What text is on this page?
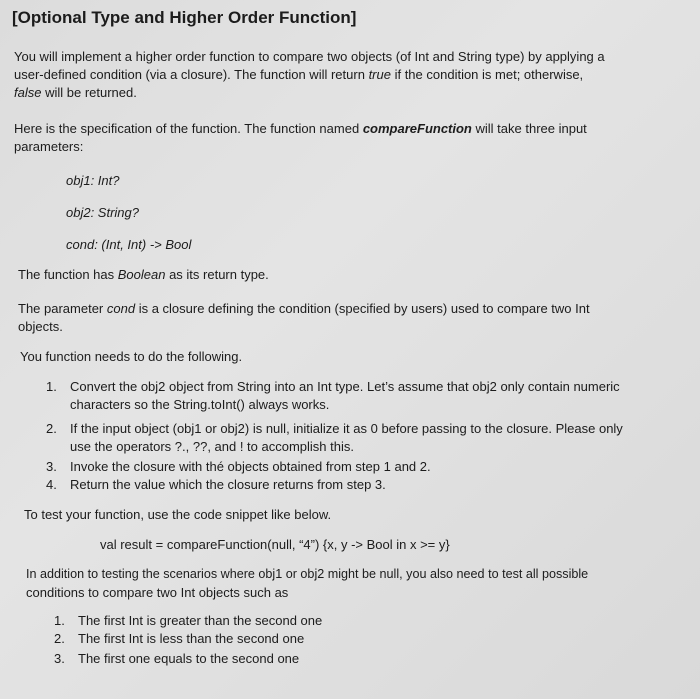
[Optional Type and Higher Order Function]
You will implement a higher order function to compare two objects (of Int and String type) by applying a
user-defined condition (via a closure). The function will return true if the condition is met; otherwise,
false will be returned.
Here is the specification of the function. The function named compareFunction will take three input
parameters:
obj1: Int?
obj2: String?
cond: (Int, Int) -> Bool
The function has Boolean as its return type.
The parameter cond is a closure defining the condition (specified by users) used to compare two Int
objects.
You function needs to do the following.
1. Convert the obj2 object from String into an Int type. Let’s assume that obj2 only contain numeric
characters so the String.toInt() always works.
2. If the input object (obj1 or obj2) is null, initialize it as 0 before passing to the closure. Please only
use the operators ?., ??, and ! to accomplish this.
3. Invoke the closure with thé objects obtained from step 1 and 2.
4. Return the value which the closure returns from step 3.
To test your function, use the code snippet like below.
val result = compareFunction(null, “4”) {x, y -> Bool in x >= y}
In addition to testing the scenarios where obj1 or obj2 might be null, you also need to test all possible
conditions to compare two Int objects such as
1. The first Int is greater than the second one
2. The first Int is less than the second one
3. The first one equals to the second one
